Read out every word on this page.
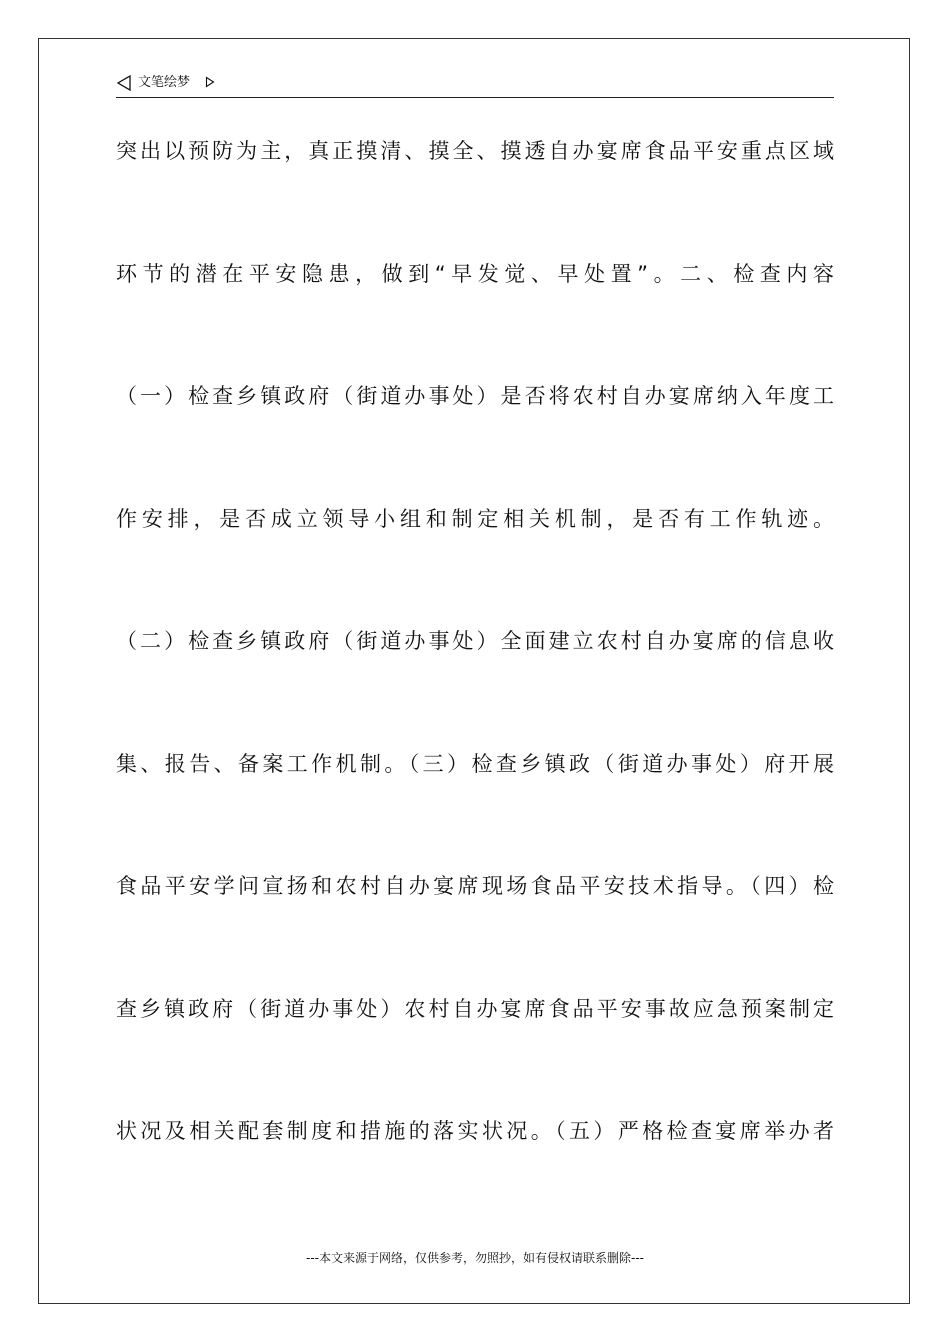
文笔绘梦
突出以预防为主，真正摸清、摸全、摸透自办宴席食品平安重点区域
环节的潜在平安隐患，做到“早发觉、早处置”。二、检查内容
（一）检查乡镇政府（街道办事处）是否将农村自办宴席纳入年度工
作安排，是否成立领导小组和制定相关机制，是否有工作轨迹。
（二）检查乡镇政府（街道办事处）全面建立农村自办宴席的信息收
集、报告、备案工作机制。（三）检查乡镇政（街道办事处）府开展
食品平安学问宣扬和农村自办宴席现场食品平安技术指导。（四）检
查乡镇政府（街道办事处）农村自办宴席食品平安事故应急预案制定
状况及相关配套制度和措施的落实状况。（五）严格检查宴席举办者
---本文来源于网络，仅供参考，勿照抄，如有侵权请联系删除---
